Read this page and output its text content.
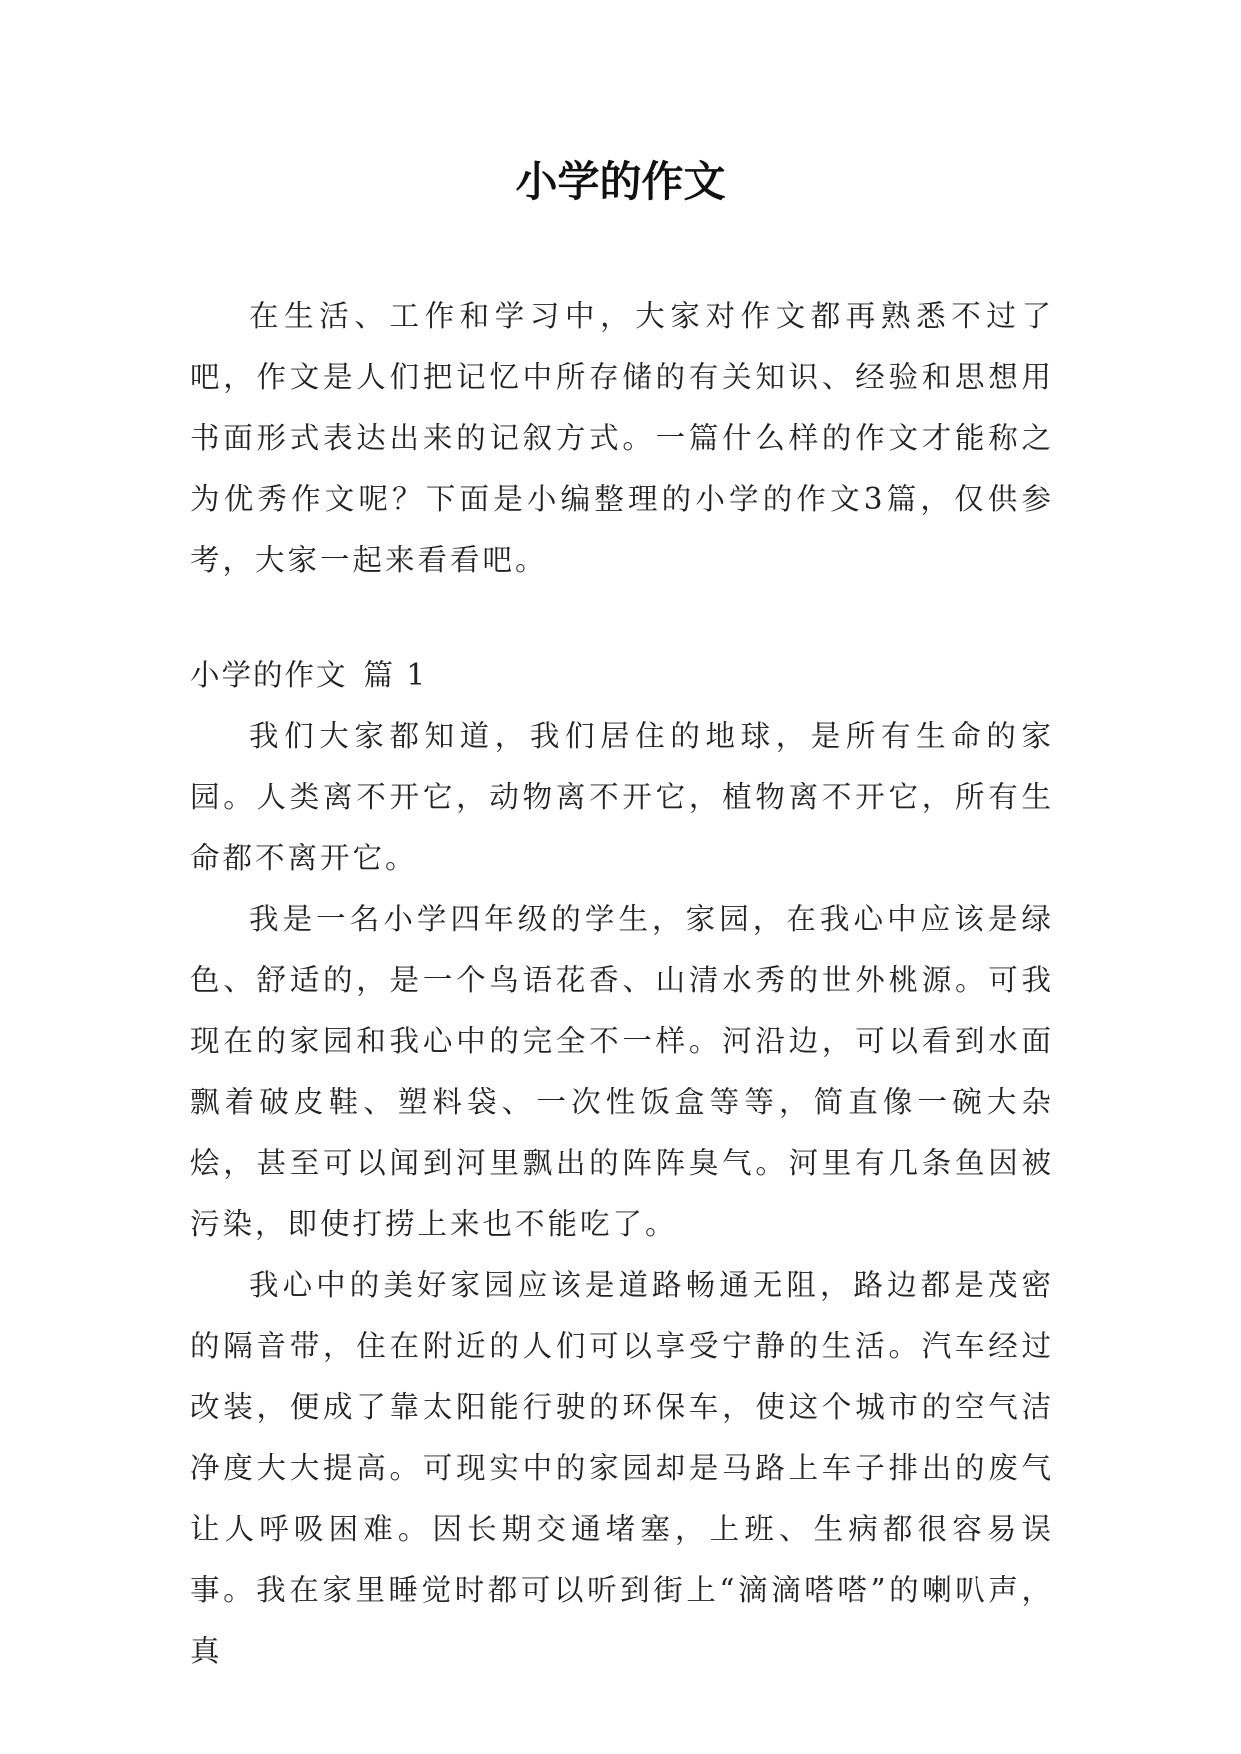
小学的作文

在生活、工作和学习中，大家对作文都再熟悉不过了吧，作文是人们把记忆中所存储的有关知识、经验和思想用书面形式表达出来的记叙方式。一篇什么样的作文才能称之为优秀作文呢？下面是小编整理的小学的作文3篇，仅供参考，大家一起来看看吧。

小学的作文 篇 1

我们大家都知道，我们居住的地球，是所有生命的家园。人类离不开它，动物离不开它，植物离不开它，所有生命都不离开它。

我是一名小学四年级的学生，家园，在我心中应该是绿色、舒适的，是一个鸟语花香、山清水秀的世外桃源。可我现在的家园和我心中的完全不一样。河沿边，可以看到水面飘着破皮鞋、塑料袋、一次性饭盒等等，简直像一碗大杂烩，甚至可以闻到河里飘出的阵阵臭气。河里有几条鱼因被污染，即使打捞上来也不能吃了。

我心中的美好家园应该是道路畅通无阻，路边都是茂密的隔音带，住在附近的人们可以享受宁静的生活。汽车经过改装，便成了靠太阳能行驶的环保车，使这个城市的空气洁净度大大提高。可现实中的家园却是马路上车子排出的废气让人呼吸困难。因长期交通堵塞，上班、生病都很容易误事。我在家里睡觉时都可以听到街上“滴滴嗒嗒”的喇叭声，真
